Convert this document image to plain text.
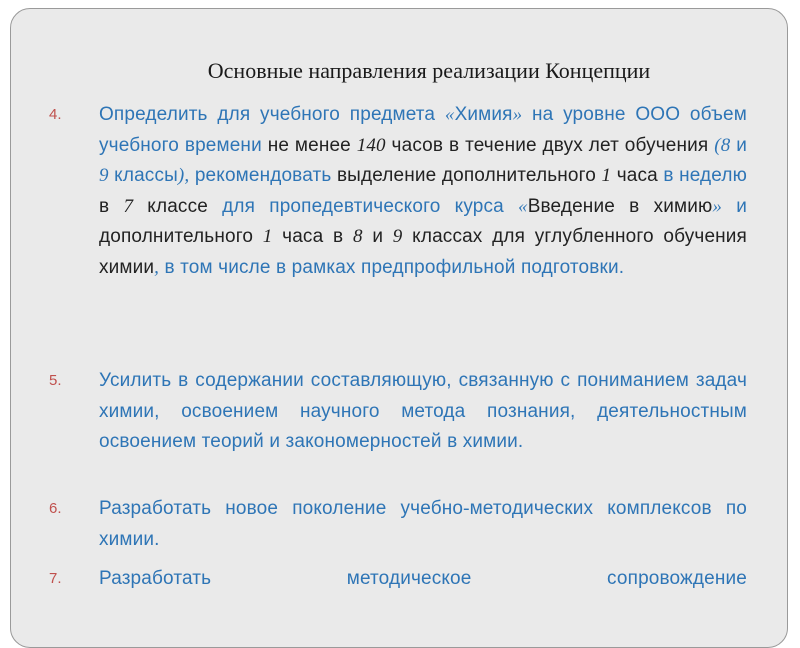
Основные направления реализации Концепции
4. Определить для учебного предмета «Химия» на уровне ООО объем учебного времени не менее 140 часов в течение двух лет обучения (8 и 9 классы), рекомендовать выделение дополнительного 1 часа в неделю в 7 классе для пропедевтического курса «Введение в химию» и дополнительного 1 часа в 8 и 9 классах для углубленного обучения химии, в том числе в рамках предпрофильной подготовки.
5. Усилить в содержании составляющую, связанную с пониманием задач химии, освоением научного метода познания, деятельностным освоением теорий и закономерностей в химии.
6. Разработать новое поколение учебно-методических комплексов по химии.
7. Разработать методическое сопровождение
